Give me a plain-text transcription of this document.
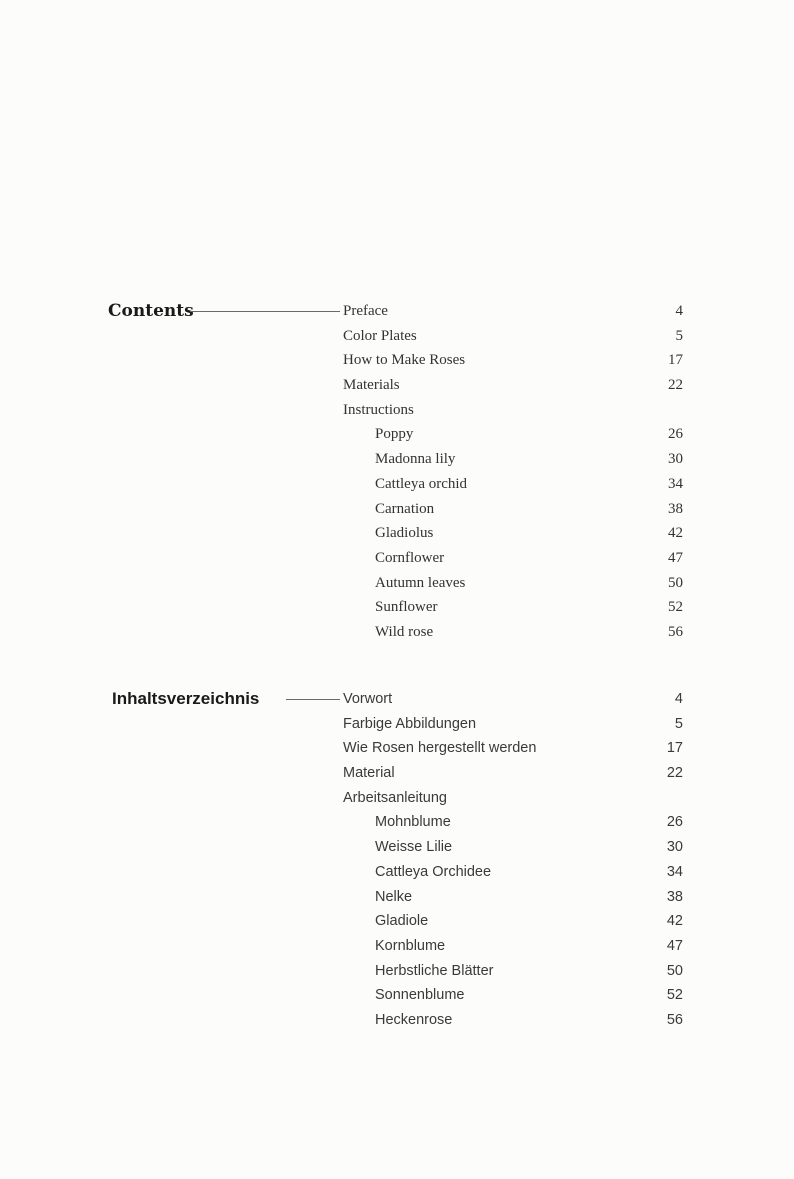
Contents	Preface	4
Color Plates	5
How to Make Roses	17
Materials	22
Instructions
Poppy	26
Madonna lily	30
Cattleya orchid	34
Carnation	38
Gladiolus	42
Cornflower	47
Autumn leaves	50
Sunflower	52
Wild rose	56
Inhaltsverzeichnis	Vorwort	4
Farbige Abbildungen	5
Wie Rosen hergestellt werden	17
Material	22
Arbeitsanleitung
Mohnblume	26
Weisse Lilie	30
Cattleya Orchidee	34
Nelke	38
Gladiole	42
Kornblume	47
Herbstliche Blätter	50
Sonnenblume	52
Heckenrose	56
